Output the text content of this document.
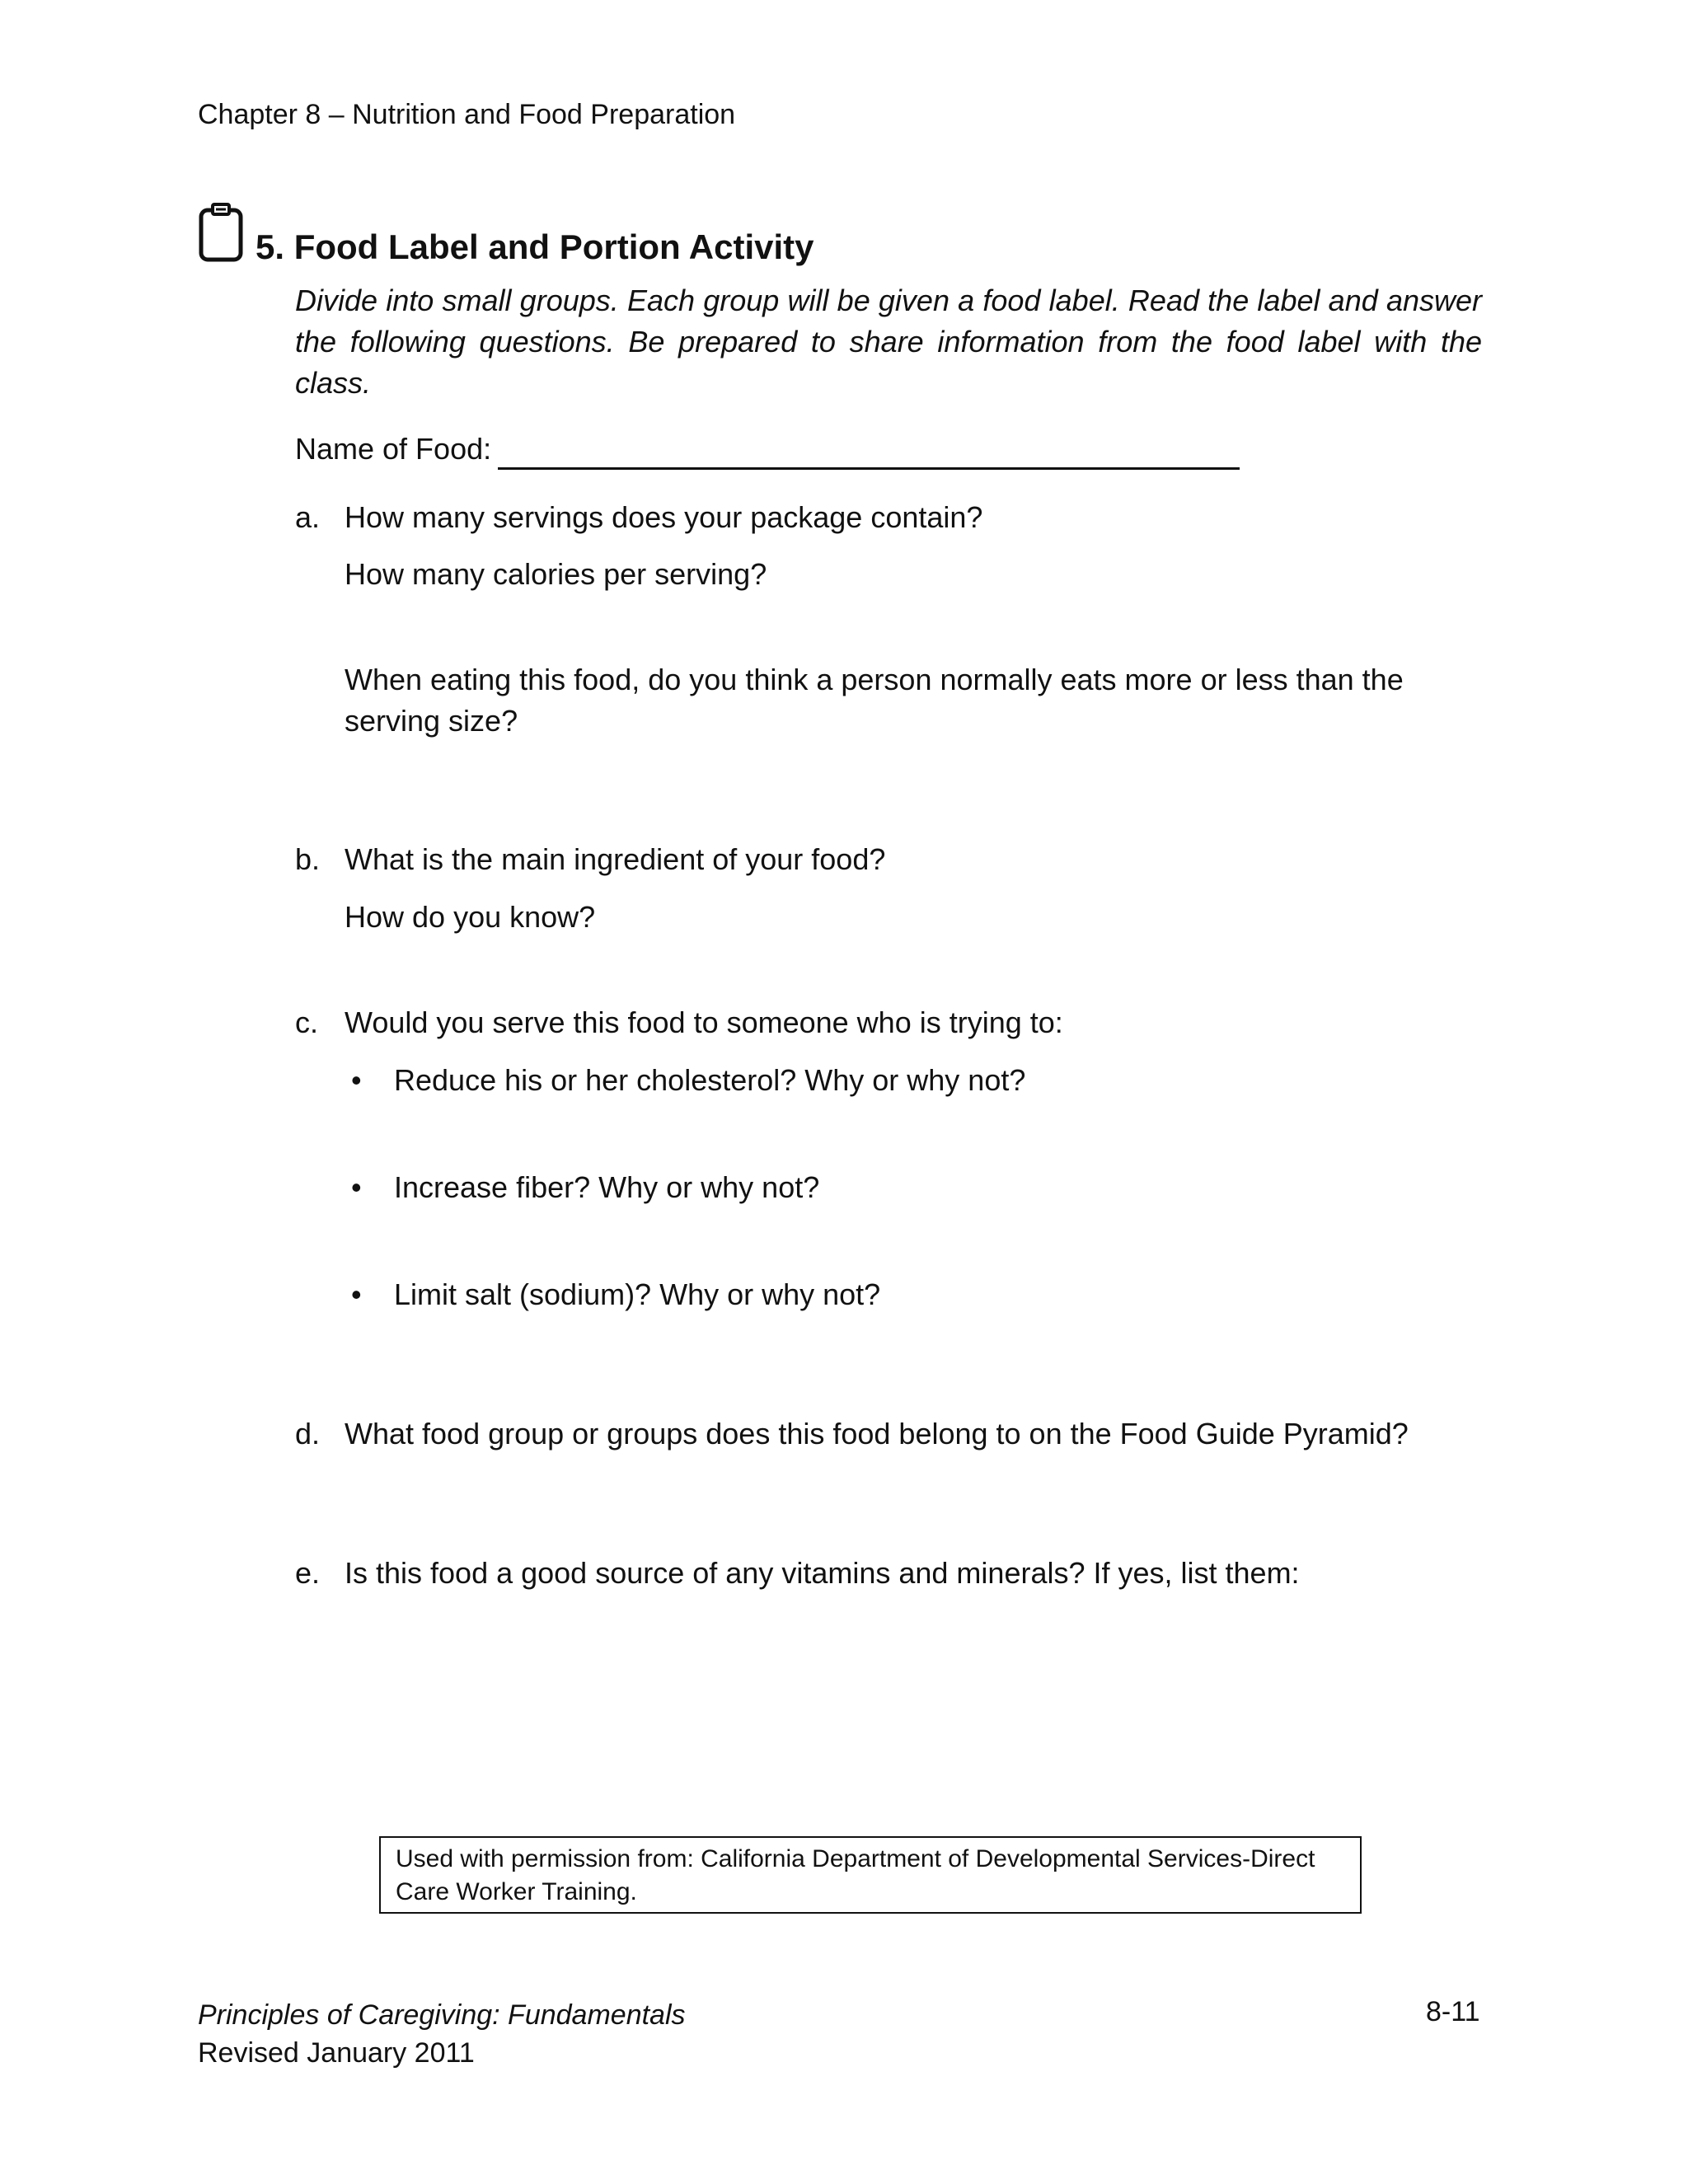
Chapter 8 – Nutrition and Food Preparation
5. Food Label and Portion Activity
Divide into small groups. Each group will be given a food label. Read the label and answer the following questions. Be prepared to share information from the food label with the class.
Name of Food:
a. How many servings does your package contain?
How many calories per serving?
When eating this food, do you think a person normally eats more or less than the
serving size?
b. What is the main ingredient of your food?
How do you know?
c. Would you serve this food to someone who is trying to:
• Reduce his or her cholesterol? Why or why not?
• Increase fiber? Why or why not?
• Limit salt (sodium)? Why or why not?
d. What food group or groups does this food belong to on the Food Guide Pyramid?
e. Is this food a good source of any vitamins and minerals? If yes, list them:
Used with permission from: California Department of Developmental Services-Direct
Care Worker Training.
Principles of Caregiving: Fundamentals
Revised January 2011
8-11
